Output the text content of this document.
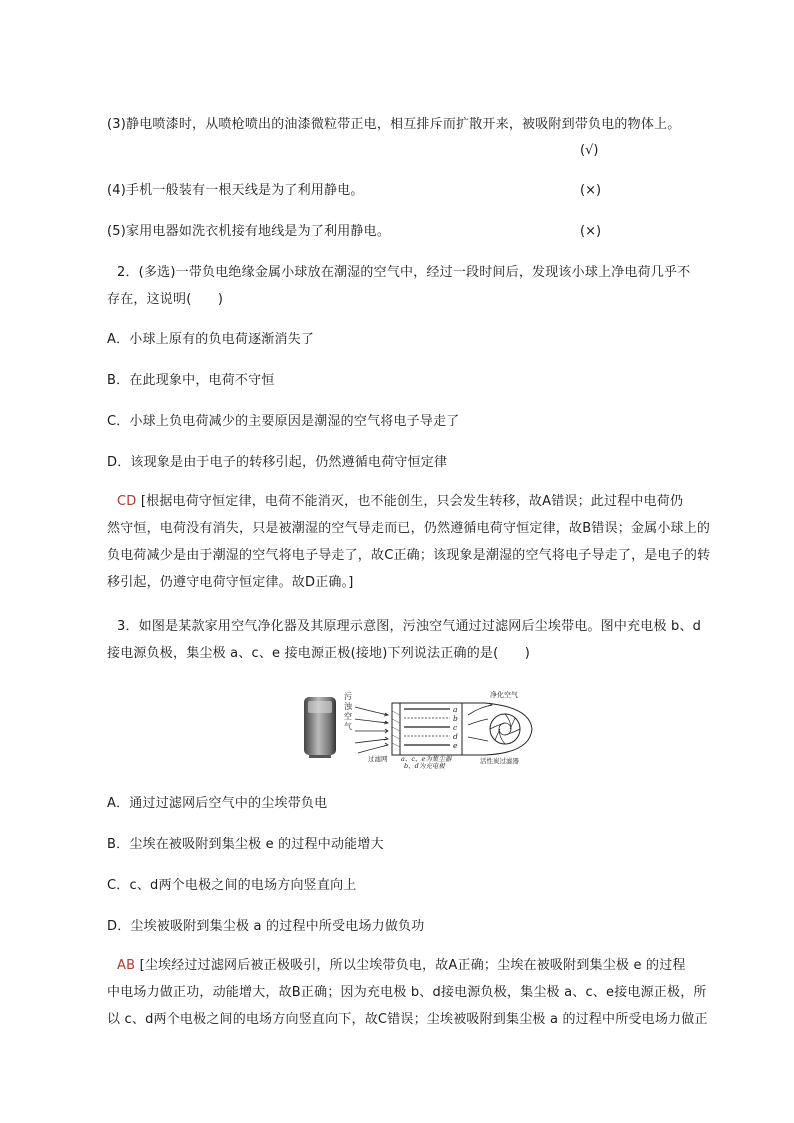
(3)静电喷漆时，从喷枪喷出的油漆微粒带正电，相互排斥而扩散开来，被吸附到带负电的物体上。
(√)
(4)手机一般装有一根天线是为了利用静电。	(×)
(5)家用电器如洗衣机接有地线是为了利用静电。	(×)
2．(多选)一带负电绝缘金属小球放在潮湿的空气中，经过一段时间后，发现该小球上净电荷几乎不
存在，这说明(　　)
A．小球上原有的负电荷逐渐消失了
B．在此现象中，电荷不守恒
C．小球上负电荷减少的主要原因是潮湿的空气将电子导走了
D．该现象是由于电子的转移引起，仍然遵循电荷守恒定律
CD [根据电荷守恒定律，电荷不能消灭，也不能创生，只会发生转移，故A错误；此过程中电荷仍
然守恒，电荷没有消失，只是被潮湿的空气导走而已，仍然遵循电荷守恒定律，故B错误；金属小球上的
负电荷减少是由于潮湿的空气将电子导走了，故C正确；该现象是潮湿的空气将电子导走了，是电子的转
移引起，仍遵守电荷守恒定律。故D正确。]
3．如图是某款家用空气净化器及其原理示意图，污浊空气通过过滤网后尘埃带电。图中充电极 b、d
接电源负极，集尘极 a、c、e 接电源正极(接地)下列说法正确的是(　　)
污
浊
空
气
a
b
c
d
e
净化空气
过滤网 a、c、e为集尘器
b、d为充电极
活性炭过滤器
A．通过过滤网后空气中的尘埃带负电
B．尘埃在被吸附到集尘极 e 的过程中动能增大
C．c、d两个电极之间的电场方向竖直向上
D．尘埃被吸附到集尘极 a 的过程中所受电场力做负功
AB [尘埃经过过滤网后被正极吸引，所以尘埃带负电，故A正确；尘埃在被吸附到集尘极 e 的过程
中电场力做正功，动能增大，故B正确；因为充电极 b、d接电源负极，集尘极 a、c、e接电源正极，所
以 c、d两个电极之间的电场方向竖直向下，故C错误；尘埃被吸附到集尘极 a 的过程中所受电场力做正
